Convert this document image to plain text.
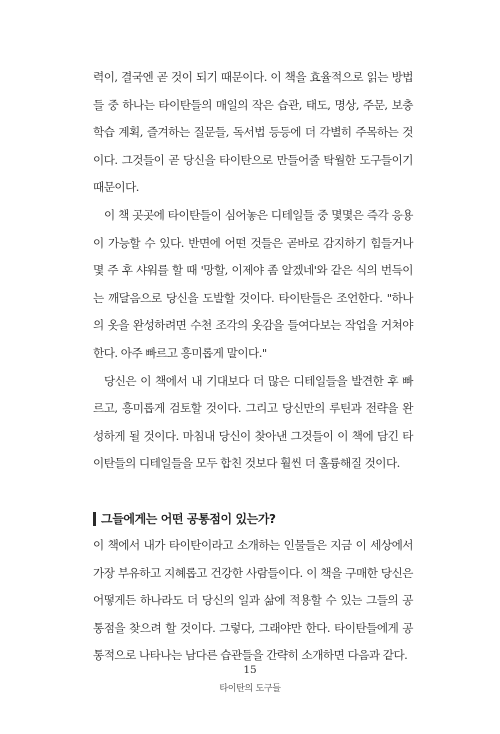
력이, 결국엔 곧 것이 되기 때문이다. 이 책을 효율적으로 읽는 방법들 중 하나는 타이탄들의 매일의 작은 습관, 태도, 명상, 주문, 보충학습 계획, 즐겨하는 질문들, 독서법 등등에 더 각별히 주목하는 것이다. 그것들이 곧 당신을 타이탄으로 만들어줄 탁월한 도구들이기 때문이다.

이 책 곳곳에 타이탄들이 심어놓은 디테일들 중 몇몇은 즉각 응용이 가능할 수 있다. 반면에 어떤 것들은 곧바로 감지하기 힘들거나 몇 주 후 샤워를 할 때 '망할, 이제야 좀 알겠네'와 같은 식의 번득이는 깨달음으로 당신을 도발할 것이다. 타이탄들은 조언한다. "하나의 옷을 완성하려면 수천 조각의 옷감을 들여다보는 작업을 거쳐야 한다. 아주 빠르고 흥미롭게 말이다."

당신은 이 책에서 내 기대보다 더 많은 디테일들을 발견한 후 빠르고, 흥미롭게 검토할 것이다. 그리고 당신만의 루틴과 전략을 완성하게 될 것이다. 마침내 당신이 찾아낸 그것들이 이 책에 담긴 타이탄들의 디테일들을 모두 합친 것보다 훨씬 더 훌륭해질 것이다.

그들에게는 어떤 공통점이 있는가?

이 책에서 내가 타이탄이라고 소개하는 인물들은 지금 이 세상에서 가장 부유하고 지혜롭고 건강한 사람들이다. 이 책을 구매한 당신은 어떻게든 하나라도 더 당신의 일과 삶에 적용할 수 있는 그들의 공통점을 찾으려 할 것이다. 그렇다, 그래야만 한다. 타이탄들에게 공통적으로 나타나는 남다른 습관들을 간략히 소개하면 다음과 같다.

15
타이탄의 도구들
